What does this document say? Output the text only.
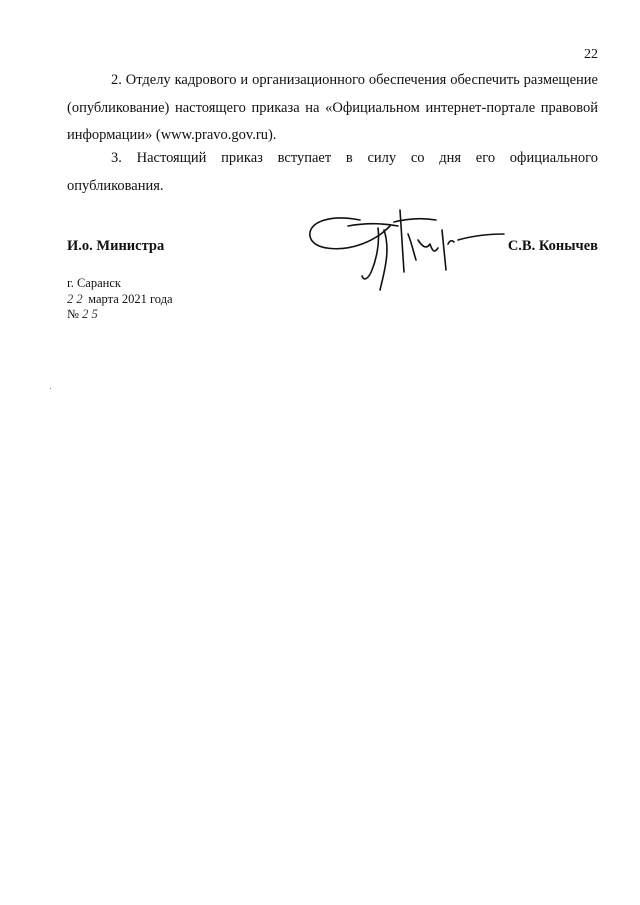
22

2. Отделу кадрового и организационного обеспечения обеспечить размещение (опубликование) настоящего приказа на «Официальном интернет-портале правовой информации» (www.pravo.gov.ru).

3. Настоящий приказ вступает в силу со дня его официального опубликования.

И.о. Министра	С.В. Конычев
г. Саранск
2 2 марта 2021 года
№ 2 5
